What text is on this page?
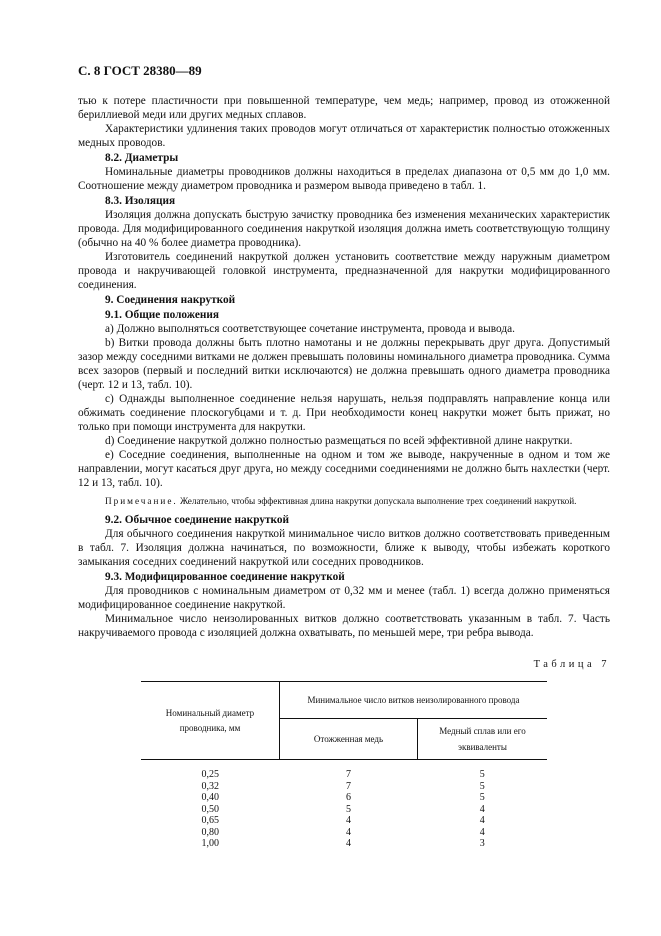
С. 8 ГОСТ 28380—89

тью к потере пластичности при повышенной температуре, чем медь; например, провод из отожженной бериллиевой меди или других медных сплавов.

Характеристики удлинения таких проводов могут отличаться от характеристик полностью отожженных медных проводов.

8.2. Диаметры

Номинальные диаметры проводников должны находиться в пределах диапазона от 0,5 мм до 1,0 мм. Соотношение между диаметром проводника и размером вывода приведено в табл. 1.

8.3. Изоляция

Изоляция должна допускать быструю зачистку проводника без изменения механических характеристик провода. Для модифицированного соединения накруткой изоляция должна иметь соответствующую толщину (обычно на 40 % более диаметра проводника).

Изготовитель соединений накруткой должен установить соответствие между наружным диаметром провода и накручивающей головкой инструмента, предназначенной для накрутки модифицированного соединения.

9. Соединения накруткой

9.1. Общие положения

а) Должно выполняться соответствующее сочетание инструмента, провода и вывода.

b) Витки провода должны быть плотно намотаны и не должны перекрывать друг друга. Допустимый зазор между соседними витками не должен превышать половины номинального диаметра проводника. Сумма всех зазоров (первый и последний витки исключаются) не должна превышать одного диаметра проводника (черт. 12 и 13, табл. 10).

с) Однажды выполненное соединение нельзя нарушать, нельзя подправлять направление конца или обжимать соединение плоскогубцами и т. д. При необходимости конец накрутки может быть прижат, но только при помощи инструмента для накрутки.

d) Соединение накруткой должно полностью размещаться по всей эффективной длине накрутки.

е) Соседние соединения, выполненные на одном и том же выводе, накрученные в одном и том же направлении, могут касаться друг друга, но между соседними соединениями не должно быть нахлестки (черт. 12 и 13, табл. 10).

Примечание. Желательно, чтобы эффективная длина накрутки допускала выполнение трех соединений накруткой.

9.2. Обычное соединение накруткой

Для обычного соединения накруткой минимальное число витков должно соответствовать приведенным в табл. 7. Изоляция должна начинаться, по возможности, ближе к выводу, чтобы избежать короткого замыкания соседних соединений накруткой или соседних проводников.

9.3. Модифицированное соединение накруткой

Для проводников с номинальным диаметром от 0,32 мм и менее (табл. 1) всегда должно применяться модифицированное соединение накруткой.

Минимальное число неизолированных витков должно соответствовать указанным в табл. 7. Часть накручиваемого провода с изоляцией должна охватывать, по меньшей мере, три ребра вывода.

Таблица 7
Номинальный диаметр проводника, мм	Минимальное число витков неизолированного провода	
	Отожженная медь	Медный сплав или его эквиваленты
0,25	7	5
0,32	7	5
0,40	6	5
0,50	5	4
0,65	4	4
0,80	4	4
1,00	4	3
